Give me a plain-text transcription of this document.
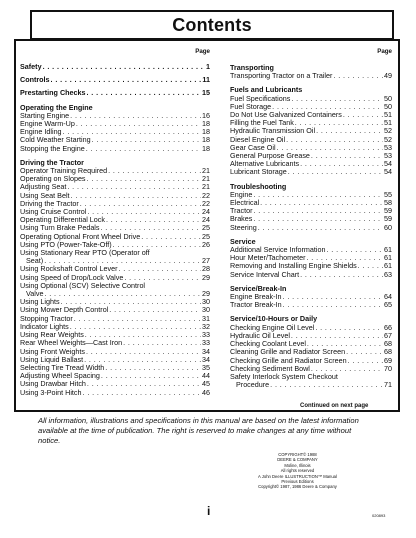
Contents
Page
Safety . . .	1
Controls . . .	11
Prestarting Checks . . .	15
Operating the Engine
Starting Engine . . .	16
Engine Warm-Up . . .	18
Engine Idling . . .	18
Cold Weather Starting . . .	18
Stopping the Engine . . .	18
Driving the Tractor
Operator Training Required . . .	21
Operating on Slopes . . .	21
Adjusting Seat . . .	21
Using Seat Belt . . .	22
Driving the Tractor . . .	22
Using Cruise Control . . .	24
Operating Differential Lock . . .	24
Using Turn Brake Pedals . . .	25
Operating Optional Front Wheel Drive . . .	25
Using PTO (Power-Take-Off) . . .	26
Using Stationary Rear PTO (Operator off
Seat) . . .	27
Using Rockshaft Control Lever . . .	28
Using Speed of Drop/Lock Valve . . .	29
Using Optional (SCV) Selective Control
Valve . . .	29
Using Lights . . .	30
Using Mower Depth Control . . .	30
Stopping Tractor . . .	31
Indicator Lights . . .	32
Using Rear Weights . . .	33
Rear Wheel Weights—Cast Iron . . .	33
Using Front Weights . . .	34
Using Liquid Ballast . . .	34
Selecting Tire Tread Width . . .	35
Adjusting Wheel Spacing . . .	44
Using Drawbar Hitch . . .	45
Using 3-Point Hitch . . .	46
Page
Transporting
Transporting Tractor on a Trailer . . .	49
Fuels and Lubricants
Fuel Specifications . . .	50
Fuel Storage . . .	50
Do Not Use Galvanized Containers . . .	51
Filling the Fuel Tank . . .	51
Hydraulic Transmission Oil . . .	52
Diesel Engine Oil . . .	52
Gear Case Oil . . .	53
General Purpose Grease . . .	53
Alternative Lubricants . . .	54
Lubricant Storage . . .	54
Troubleshooting
Engine . . .	55
Electrical . . .	58
Tractor . . .	59
Brakes . . .	59
Steering . . .	60
Service
Additional Service Information . . .	61
Hour Meter/Tachometer . . .	61
Removing and Installing Engine Shields . . .	61
Service Interval Chart . . .	63
Service/Break-In
Engine Break-In . . .	64
Tractor Break-In . . .	65
Service/10-Hours or Daily
Checking Engine Oil Level . . .	66
Hydraulic Oil Level . . .	67
Checking Coolant Level . . .	68
Cleaning Grille and Radiator Screen . . .	68
Checking Grille and Radiator Screen . . .	69
Checking Sediment Bowl . . .	70
Safety Interlock System Checkout
Procedure . . .	71
Continued on next page
All information, illustrations and specifications in this manual are based on the latest information available at the time of publication. The right is reserved to make changes at any time without notice.
COPYRIGHT© 1988
DEERE & COMPANY
Moline, Illinois
All rights reserved
A John Deere ILLUSTRUCTION™ Manual
Previous Editions
Copyright© 1987, 1986 Deere & Company
i	020893
